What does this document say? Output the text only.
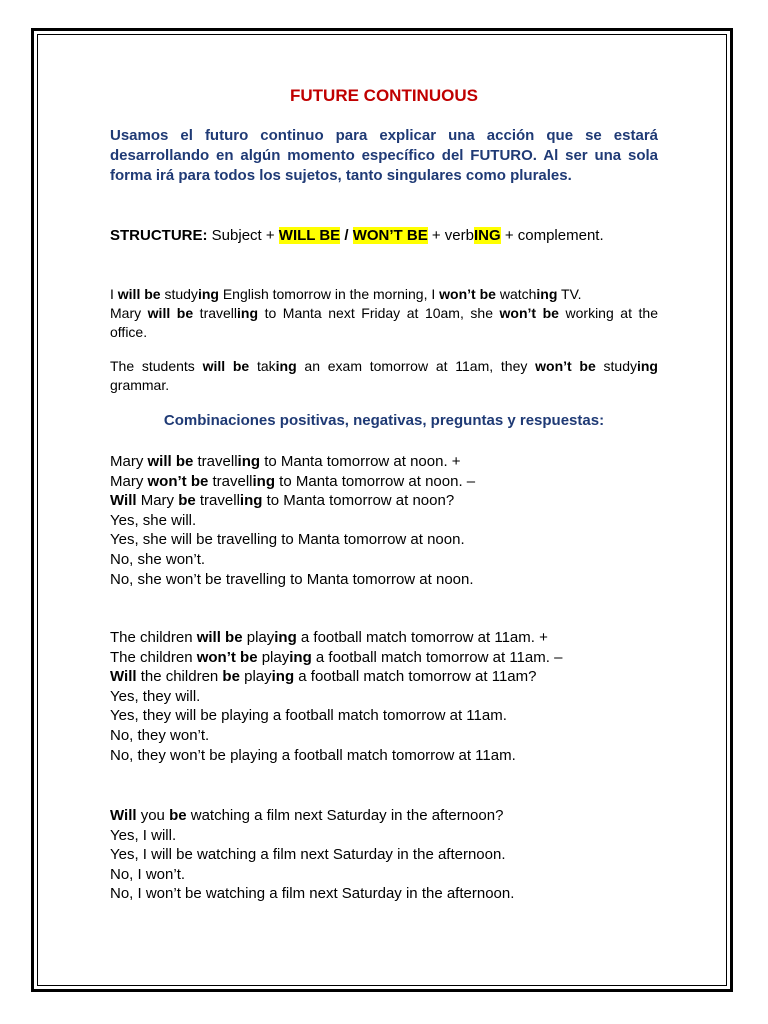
FUTURE CONTINUOUS
Usamos el futuro continuo para explicar una acción que se estará desarrollando en algún momento específico del FUTURO. Al ser una sola forma irá para todos los sujetos, tanto singulares como plurales.
STRUCTURE: Subject + WILL BE / WON’T BE + verbING + complement.
I will be studying English tomorrow in the morning, I won’t be watching TV.
Mary will be travelling to Manta next Friday at 10am, she won’t be working at the office.
The students will be taking an exam tomorrow at 11am, they won’t be studying grammar.
Combinaciones positivas, negativas, preguntas y respuestas:
Mary will be travelling to Manta tomorrow at noon. +
Mary won’t be travelling to Manta tomorrow at noon. –
Will Mary be travelling to Manta tomorrow at noon?
Yes, she will.
Yes, she will be travelling to Manta tomorrow at noon.
No, she won’t.
No, she won’t be travelling to Manta tomorrow at noon.
The children will be playing a football match tomorrow at 11am. +
The children won’t be playing a football match tomorrow at 11am. –
Will the children be playing a football match tomorrow at 11am?
Yes, they will.
Yes, they will be playing a football match tomorrow at 11am.
No, they won’t.
No, they won’t be playing a football match tomorrow at 11am.
Will you be watching a film next Saturday in the afternoon?
Yes, I will.
Yes, I will be watching a film next Saturday in the afternoon.
No, I won’t.
No, I won’t be watching a film next Saturday in the afternoon.
